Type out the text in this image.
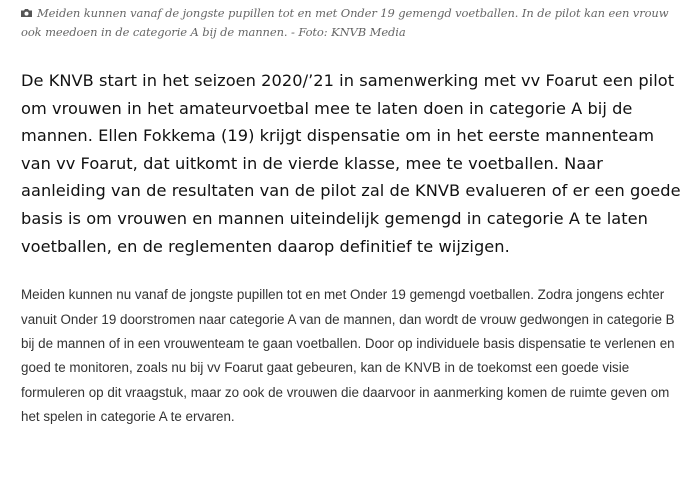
Meiden kunnen vanaf de jongste pupillen tot en met Onder 19 gemengd voetballen. In de pilot kan een vrouw ook meedoen in de categorie A bij de mannen. - Foto: KNVB Media

De KNVB start in het seizoen 2020/’21 in samenwerking met vv Foarut een pilot om vrouwen in het amateurvoetbal mee te laten doen in categorie A bij de mannen. Ellen Fokkema (19) krijgt dispensatie om in het eerste mannenteam van vv Foarut, dat uitkomt in de vierde klasse, mee te voetballen. Naar aanleiding van de resultaten van de pilot zal de KNVB evalueren of er een goede basis is om vrouwen en mannen uiteindelijk gemengd in categorie A te laten voetballen, en de reglementen daarop definitief te wijzigen.

Meiden kunnen nu vanaf de jongste pupillen tot en met Onder 19 gemengd voetballen. Zodra jongens echter vanuit Onder 19 doorstromen naar categorie A van de mannen, dan wordt de vrouw gedwongen in categorie B bij de mannen of in een vrouwenteam te gaan voetballen. Door op individuele basis dispensatie te verlenen en goed te monitoren, zoals nu bij vv Foarut gaat gebeuren, kan de KNVB in de toekomst een goede visie formuleren op dit vraagstuk, maar zo ook de vrouwen die daarvoor in aanmerking komen de ruimte geven om het spelen in categorie A te ervaren.
